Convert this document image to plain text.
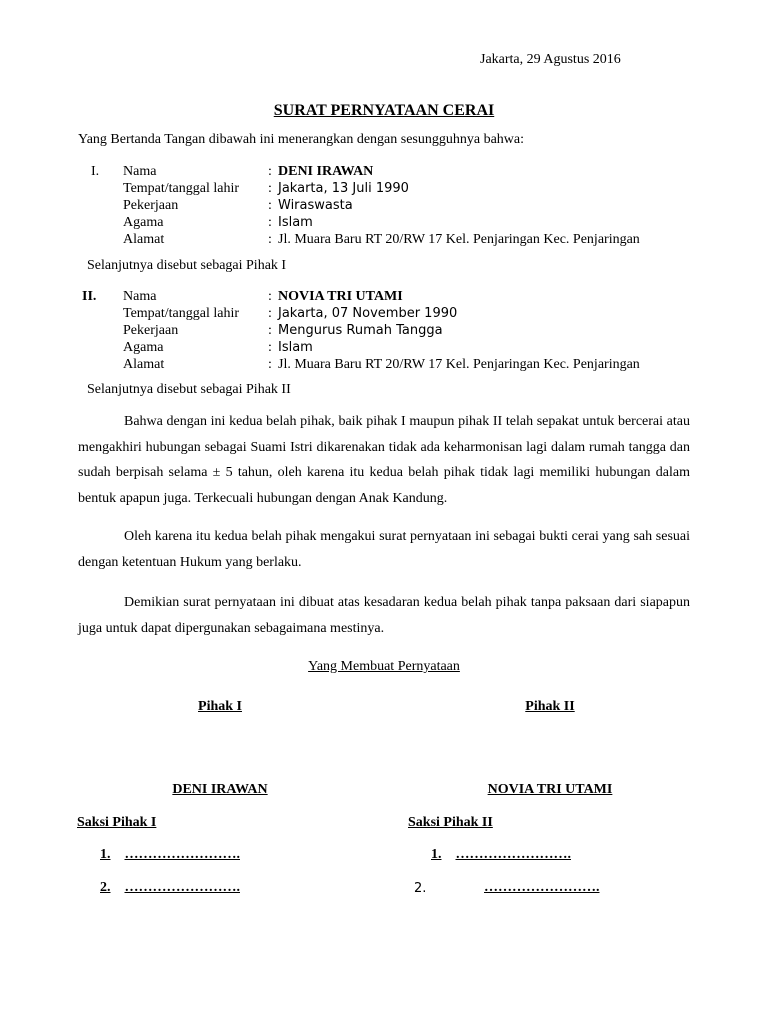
Jakarta, 29 Agustus 2016
SURAT PERNYATAAN CERAI
Yang Bertanda Tangan dibawah ini menerangkan dengan sesungguhnya bahwa:
I. Nama	: DENI IRAWAN
Tempat/tanggal lahir : Jakarta, 13 Juli 1990
Pekerjaan	: Wiraswasta
Agama	: Islam
Alamat	: Jl. Muara Baru RT 20/RW 17 Kel. Penjaringan Kec. Penjaringan
Selanjutnya disebut sebagai Pihak I
II. Nama	: NOVIA TRI UTAMI
Tempat/tanggal lahir : Jakarta, 07 November 1990
Pekerjaan	: Mengurus Rumah Tangga
Agama	: Islam
Alamat	: Jl. Muara Baru RT 20/RW 17 Kel. Penjaringan Kec. Penjaringan
Selanjutnya disebut sebagai Pihak II
Bahwa dengan ini kedua belah pihak, baik pihak I maupun pihak II telah sepakat untuk bercerai atau mengakhiri hubungan sebagai Suami Istri dikarenakan tidak ada keharmonisan lagi dalam rumah tangga dan sudah berpisah selama ± 5 tahun, oleh karena itu kedua belah pihak tidak lagi memiliki hubungan dalam bentuk apapun juga. Terkecuali hubungan dengan Anak Kandung.
Oleh karena itu kedua belah pihak mengakui surat pernyataan ini sebagai bukti cerai yang sah sesuai dengan ketentuan Hukum yang berlaku.
Demikian surat pernyataan ini dibuat atas kesadaran kedua belah pihak tanpa paksaan dari siapapun juga untuk dapat dipergunakan sebagaimana mestinya.
Yang Membuat Pernyataan
Pihak I	Pihak II
DENI IRAWAN	NOVIA TRI UTAMI
Saksi Pihak I	Saksi Pihak II
1. …………………….
2. …………………….
1. …………………….
2.	…………………….
